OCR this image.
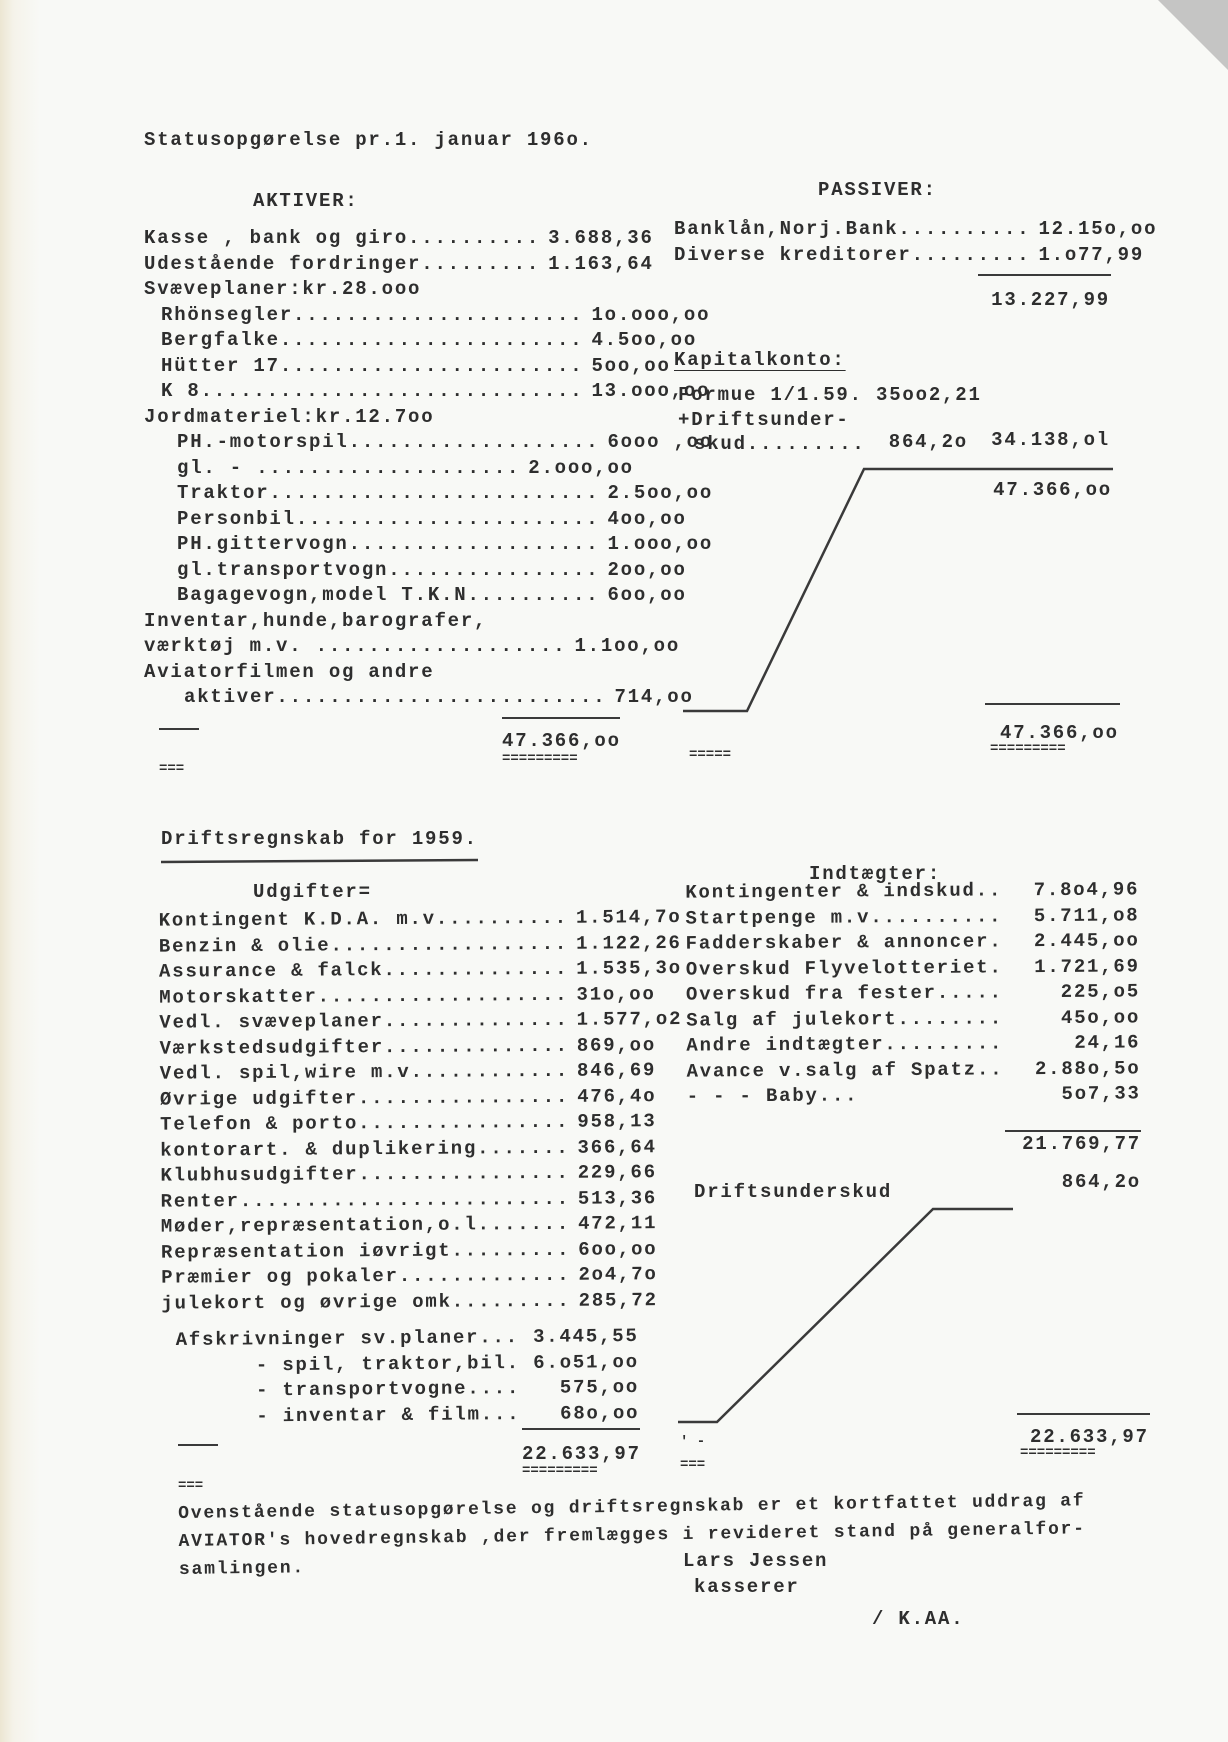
Statusopgørelse pr.1. januar 196o.
AKTIVER:
Kasse , bank og giro.......... 3.688,36
Udestående fordringer......... 1.163,64
Svæveplaner:kr.28.ooo
Rhönsegler...................... 1o.ooo,oo
Bergfalke....................... 4.5oo,oo
Hütter 17....................... 5oo,oo
K 8............................. 13.ooo,oo
Jordmateriel:kr.12.7oo
PH.-motorspil................... 6ooo ,oo
gl. - .................... 2.ooo,oo
Traktor......................... 2.5oo,oo
Personbil....................... 4oo,oo
PH.gittervogn................... 1.ooo,oo
gl.transportvogn................ 2oo,oo
Bagagevogn,model T.K.N.......... 6oo,oo
Inventar,hunde,barografer,
værktøj m.v. ................... 1.1oo,oo
Aviatorfilmen og andre
aktiver......................... 714,oo
47.366,oo
=========
===
PASSIVER:
Banklån,Norj.Bank.......... 12.15o,oo
Diverse kreditorer......... 1.o77,99
13.227,99
Kapitalkonto:
Formue 1/1.59. 35oo2,21
+Driftsunder-
skud.........	864,2o	34.138,ol
47.366,oo
47.366,oo
=========
=====
Driftsregnskab for 1959.
Udgifter=
Kontingent K.D.A. m.v.......... 1.514,7o
Benzin & olie.................. 1.122,26
Assurance & falck.............. 1.535,3o
Motorskatter................... 31o,oo
Vedl. svæveplaner.............. 1.577,o2
Værkstedsudgifter.............. 869,oo
Vedl. spil,wire m.v............ 846,69
Øvrige udgifter................ 476,4o
Telefon & porto................ 958,13
kontorart. & duplikering....... 366,64
Klubhusudgifter................ 229,66
Renter......................... 513,36
Møder,repræsentation,o.l....... 472,11
Repræsentation iøvrigt......... 6oo,oo
Præmier og pokaler............. 2o4,7o
julekort og øvrige omk......... 285,72
Afskrivninger sv.planer... 3.445,55
- spil, traktor,bil. 6.o51,oo
- transportvogne....	575,oo
- inventar & film...	68o,oo
22.633,97
=========
===
Indtægter:
Kontingenter & indskud..	7.8o4,96
Startpenge m.v..........	5.711,o8
Fadderskaber & annoncer.	2.445,oo
Overskud Flyvelotteriet.	1.721,69
Overskud fra fester.....	225,o5
Salg af julekort........	45o,oo
Andre indtægter.........	24,16
Avance v.salg af Spatz..	2.88o,5o
- - - Baby...	5o7,33
21.769,77
Driftsunderskud	864,2o
22.633,97
=========
' -
===
Ovenstående statusopgørelse og driftsregnskab er et kortfattet uddrag af
AVIATOR's hovedregnskab ,der fremlægges i revideret stand på generalfor-
samlingen.	Lars Jessen
kasserer
/ K.AA.
